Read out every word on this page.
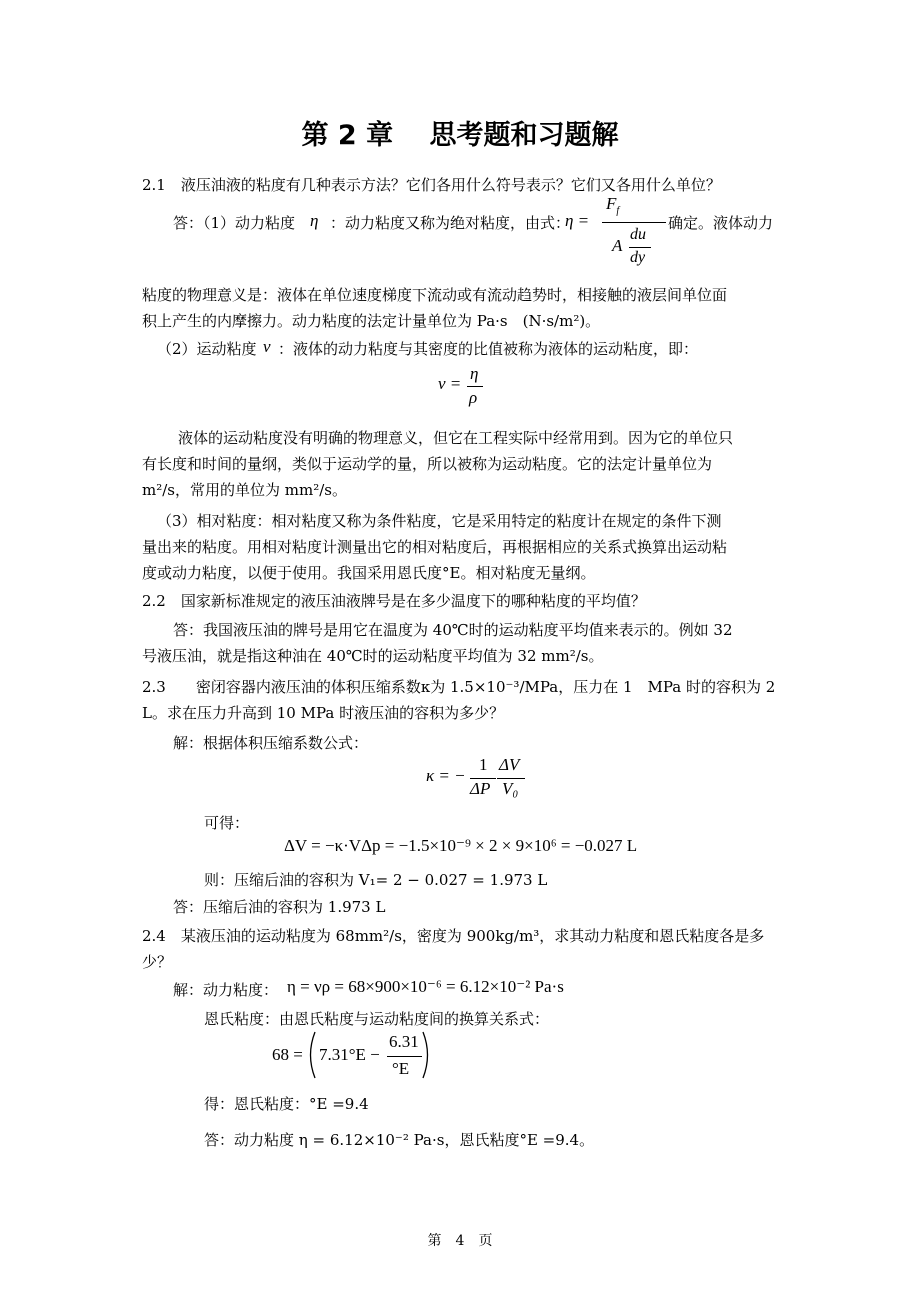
第 2 章　 思考题和习题解
2.1　液压油液的粘度有几种表示方法？它们各用什么符号表示？它们又各用什么单位？
答：（1）动力粘度 η ：动力粘度又称为绝对粘度，由式：
η =
$F_f$
A
du
dy
确定。液体动力
粘度的物理意义是：液体在单位速度梯度下流动或有流动趋势时，相接触的液层间单位面
积上产生的内摩擦力。动力粘度的法定计量单位为 Pa·s　(N·s/m²)。
（2）运动粘度 ν ：液体的动力粘度与其密度的比值被称为液体的运动粘度，即：
ν =
η
ρ
液体的运动粘度没有明确的物理意义，但它在工程实际中经常用到。因为它的单位只
有长度和时间的量纲，类似于运动学的量，所以被称为运动粘度。它的法定计量单位为
m²/s，常用的单位为 mm²/s。
（3）相对粘度：相对粘度又称为条件粘度，它是采用特定的粘度计在规定的条件下测
量出来的粘度。用相对粘度计测量出它的相对粘度后，再根据相应的关系式换算出运动粘
度或动力粘度，以便于使用。我国采用恩氏度°E。相对粘度无量纲。
2.2　国家新标准规定的液压油液牌号是在多少温度下的哪种粘度的平均值？
答：我国液压油的牌号是用它在温度为 40℃时的运动粘度平均值来表示的。例如 32
号液压油，就是指这种油在 40℃时的运动粘度平均值为 32 mm²/s。
2.3　　密闭容器内液压油的体积压缩系数κ为 1.5×10⁻³/MPa，压力在 1　MPa 时的容积为 2
L。求在压力升高到 10 MPa 时液压油的容积为多少？
解：根据体积压缩系数公式：
κ = −
1
ΔP
ΔV
V₀
可得：
ΔV = −κ·VΔp = −1.5×10⁻⁹ × 2 × 9×10⁶ = −0.027 L
则：压缩后油的容积为 V₁= 2 − 0.027 = 1.973 L
答：压缩后油的容积为 1.973 L
2.4　某液压油的运动粘度为 68mm²/s，密度为 900kg/m³，求其动力粘度和恩氏粘度各是多
少？
解：动力粘度： η = νρ = 68×900×10⁻⁶ = 6.12×10⁻² Pa·s
恩氏粘度：由恩氏粘度与运动粘度间的换算关系式：
68 = 7.31°E −
6.31
°E
得：恩氏粘度：°E =9.4
答：动力粘度 η = 6.12×10⁻² Pa·s，恩氏粘度°E =9.4。
第　4　页
